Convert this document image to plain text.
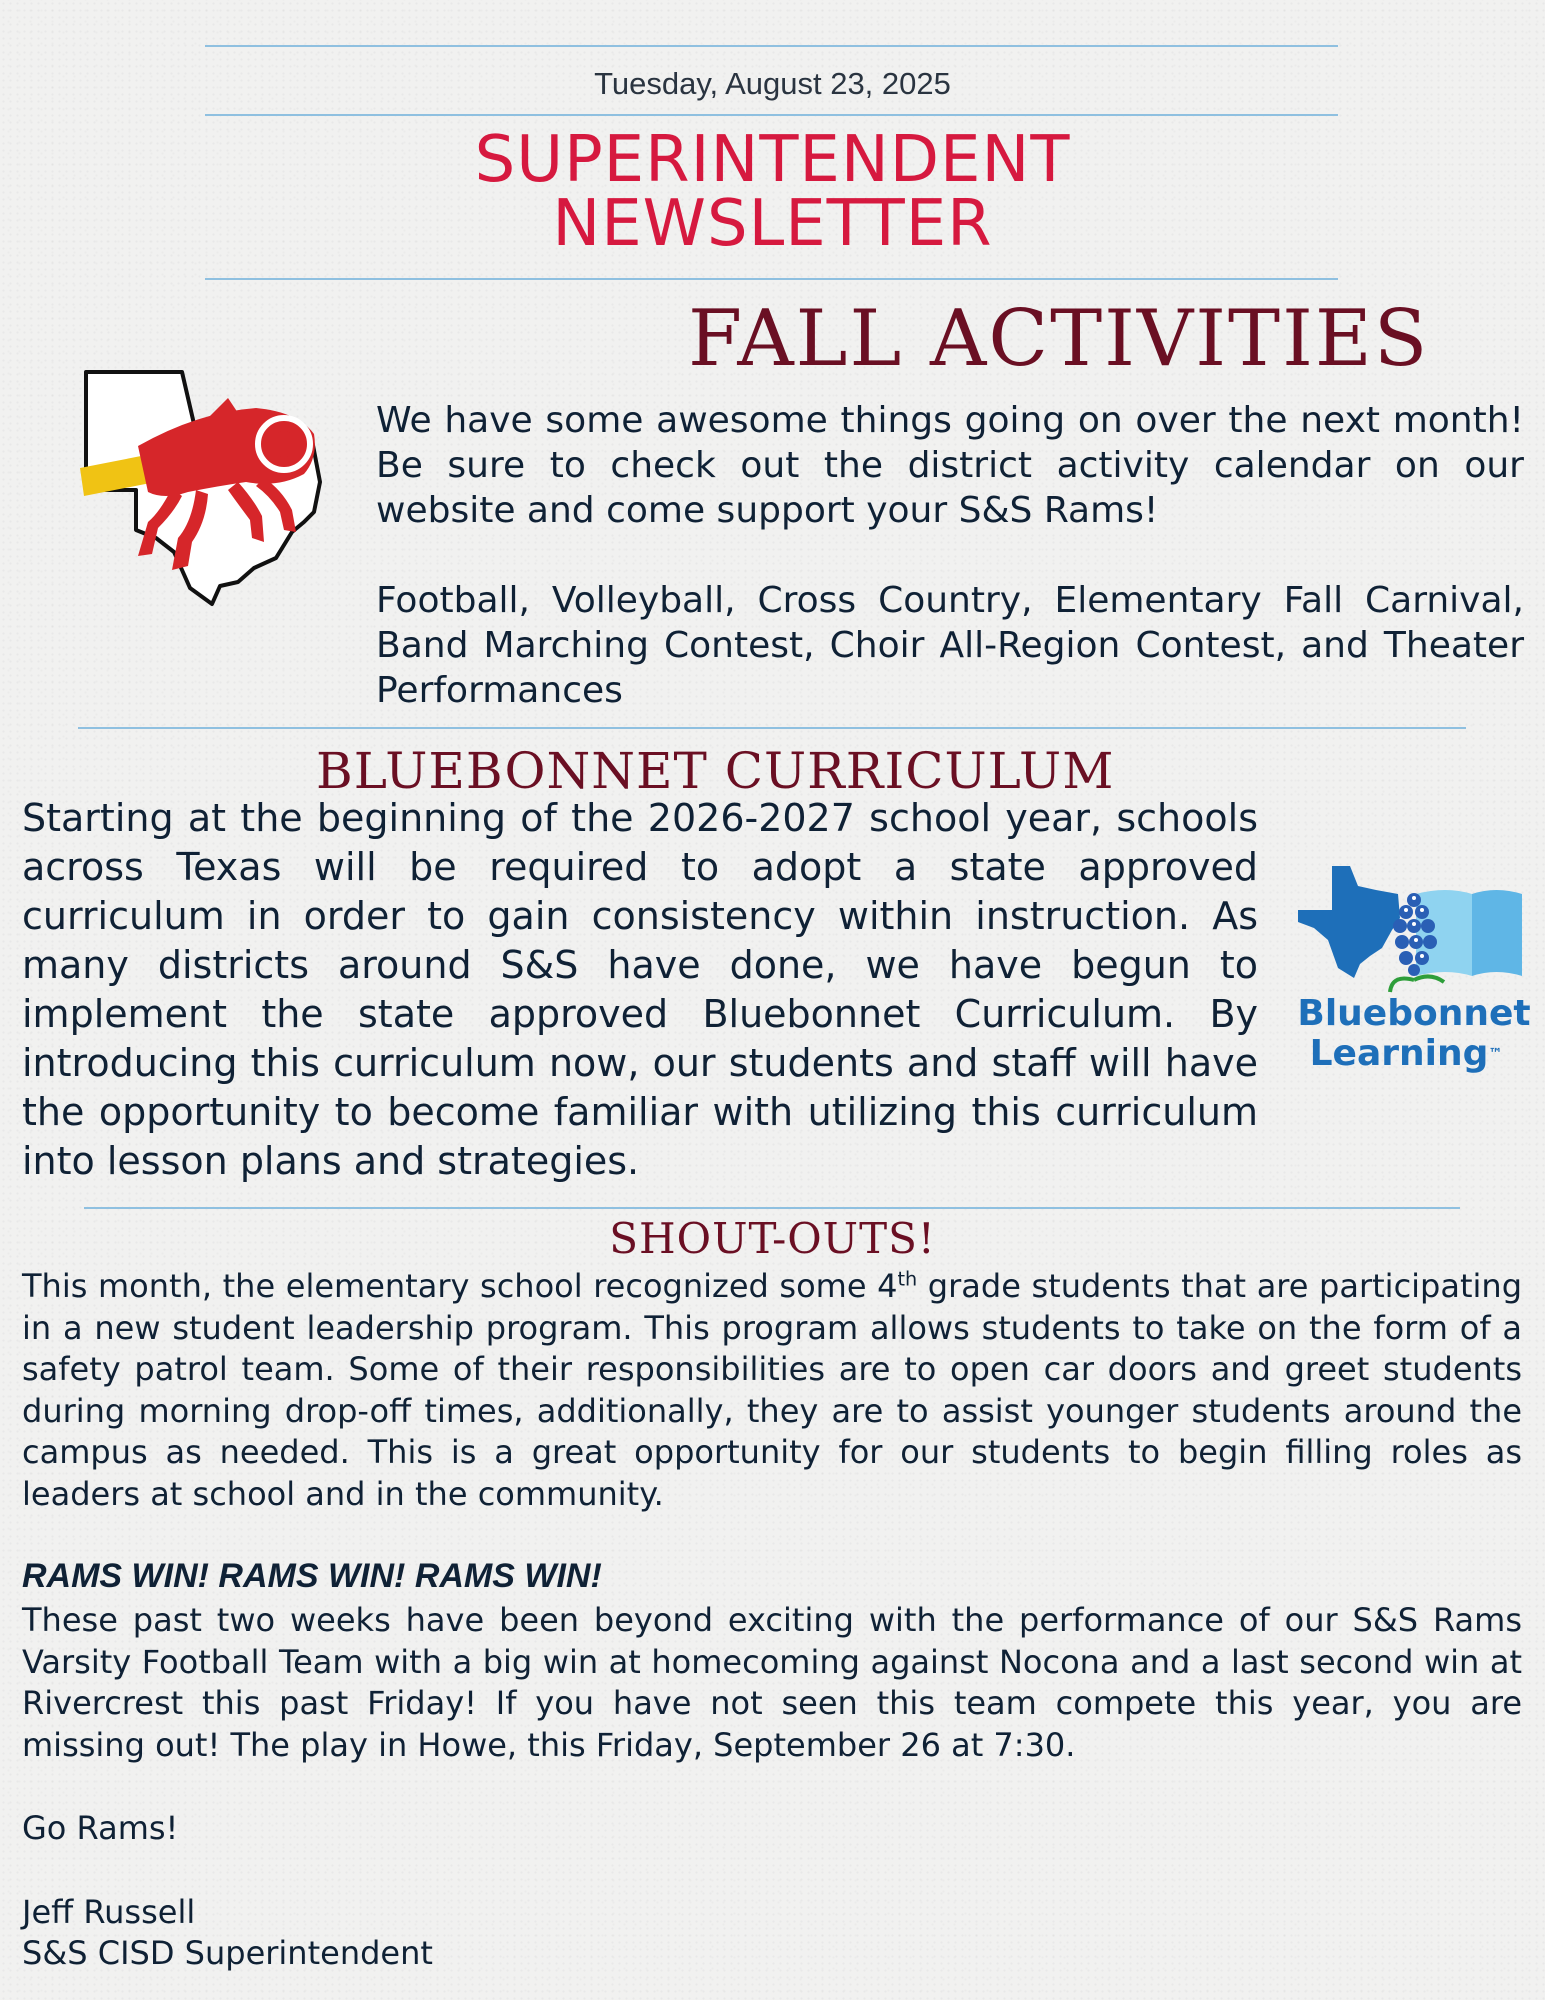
Tuesday, August 23, 2025
SUPERINTENDENT
NEWSLETTER
FALL ACTIVITIES
We have some awesome things going on over the next month! Be sure to check out the district activity calendar on our website and come support your S&S Rams!
Football, Volleyball, Cross Country, Elementary Fall Carnival, Band Marching Contest, Choir All-Region Contest, and Theater Performances
BLUEBONNET CURRICULUM
Starting at the beginning of the 2026-2027 school year, schools across Texas will be required to adopt a state approved curriculum in order to gain consistency within instruction. As many districts around S&S have done, we have begun to implement the state approved Bluebonnet Curriculum. By introducing this curriculum now, our students and staff will have the opportunity to become familiar with utilizing this curriculum into lesson plans and strategies.
Bluebonnet
Learning™
SHOUT-OUTS!
This month, the elementary school recognized some 4th grade students that are participating in a new student leadership program. This program allows students to take on the form of a safety patrol team. Some of their responsibilities are to open car doors and greet students during morning drop-off times, additionally, they are to assist younger students around the campus as needed. This is a great opportunity for our students to begin filling roles as leaders at school and in the community.
RAMS WIN! RAMS WIN! RAMS WIN!
These past two weeks have been beyond exciting with the performance of our S&S Rams Varsity Football Team with a big win at homecoming against Nocona and a last second win at Rivercrest this past Friday! If you have not seen this team compete this year, you are missing out! The play in Howe, this Friday, September 26 at 7:30.
Go Rams!
Jeff Russell
S&S CISD Superintendent
